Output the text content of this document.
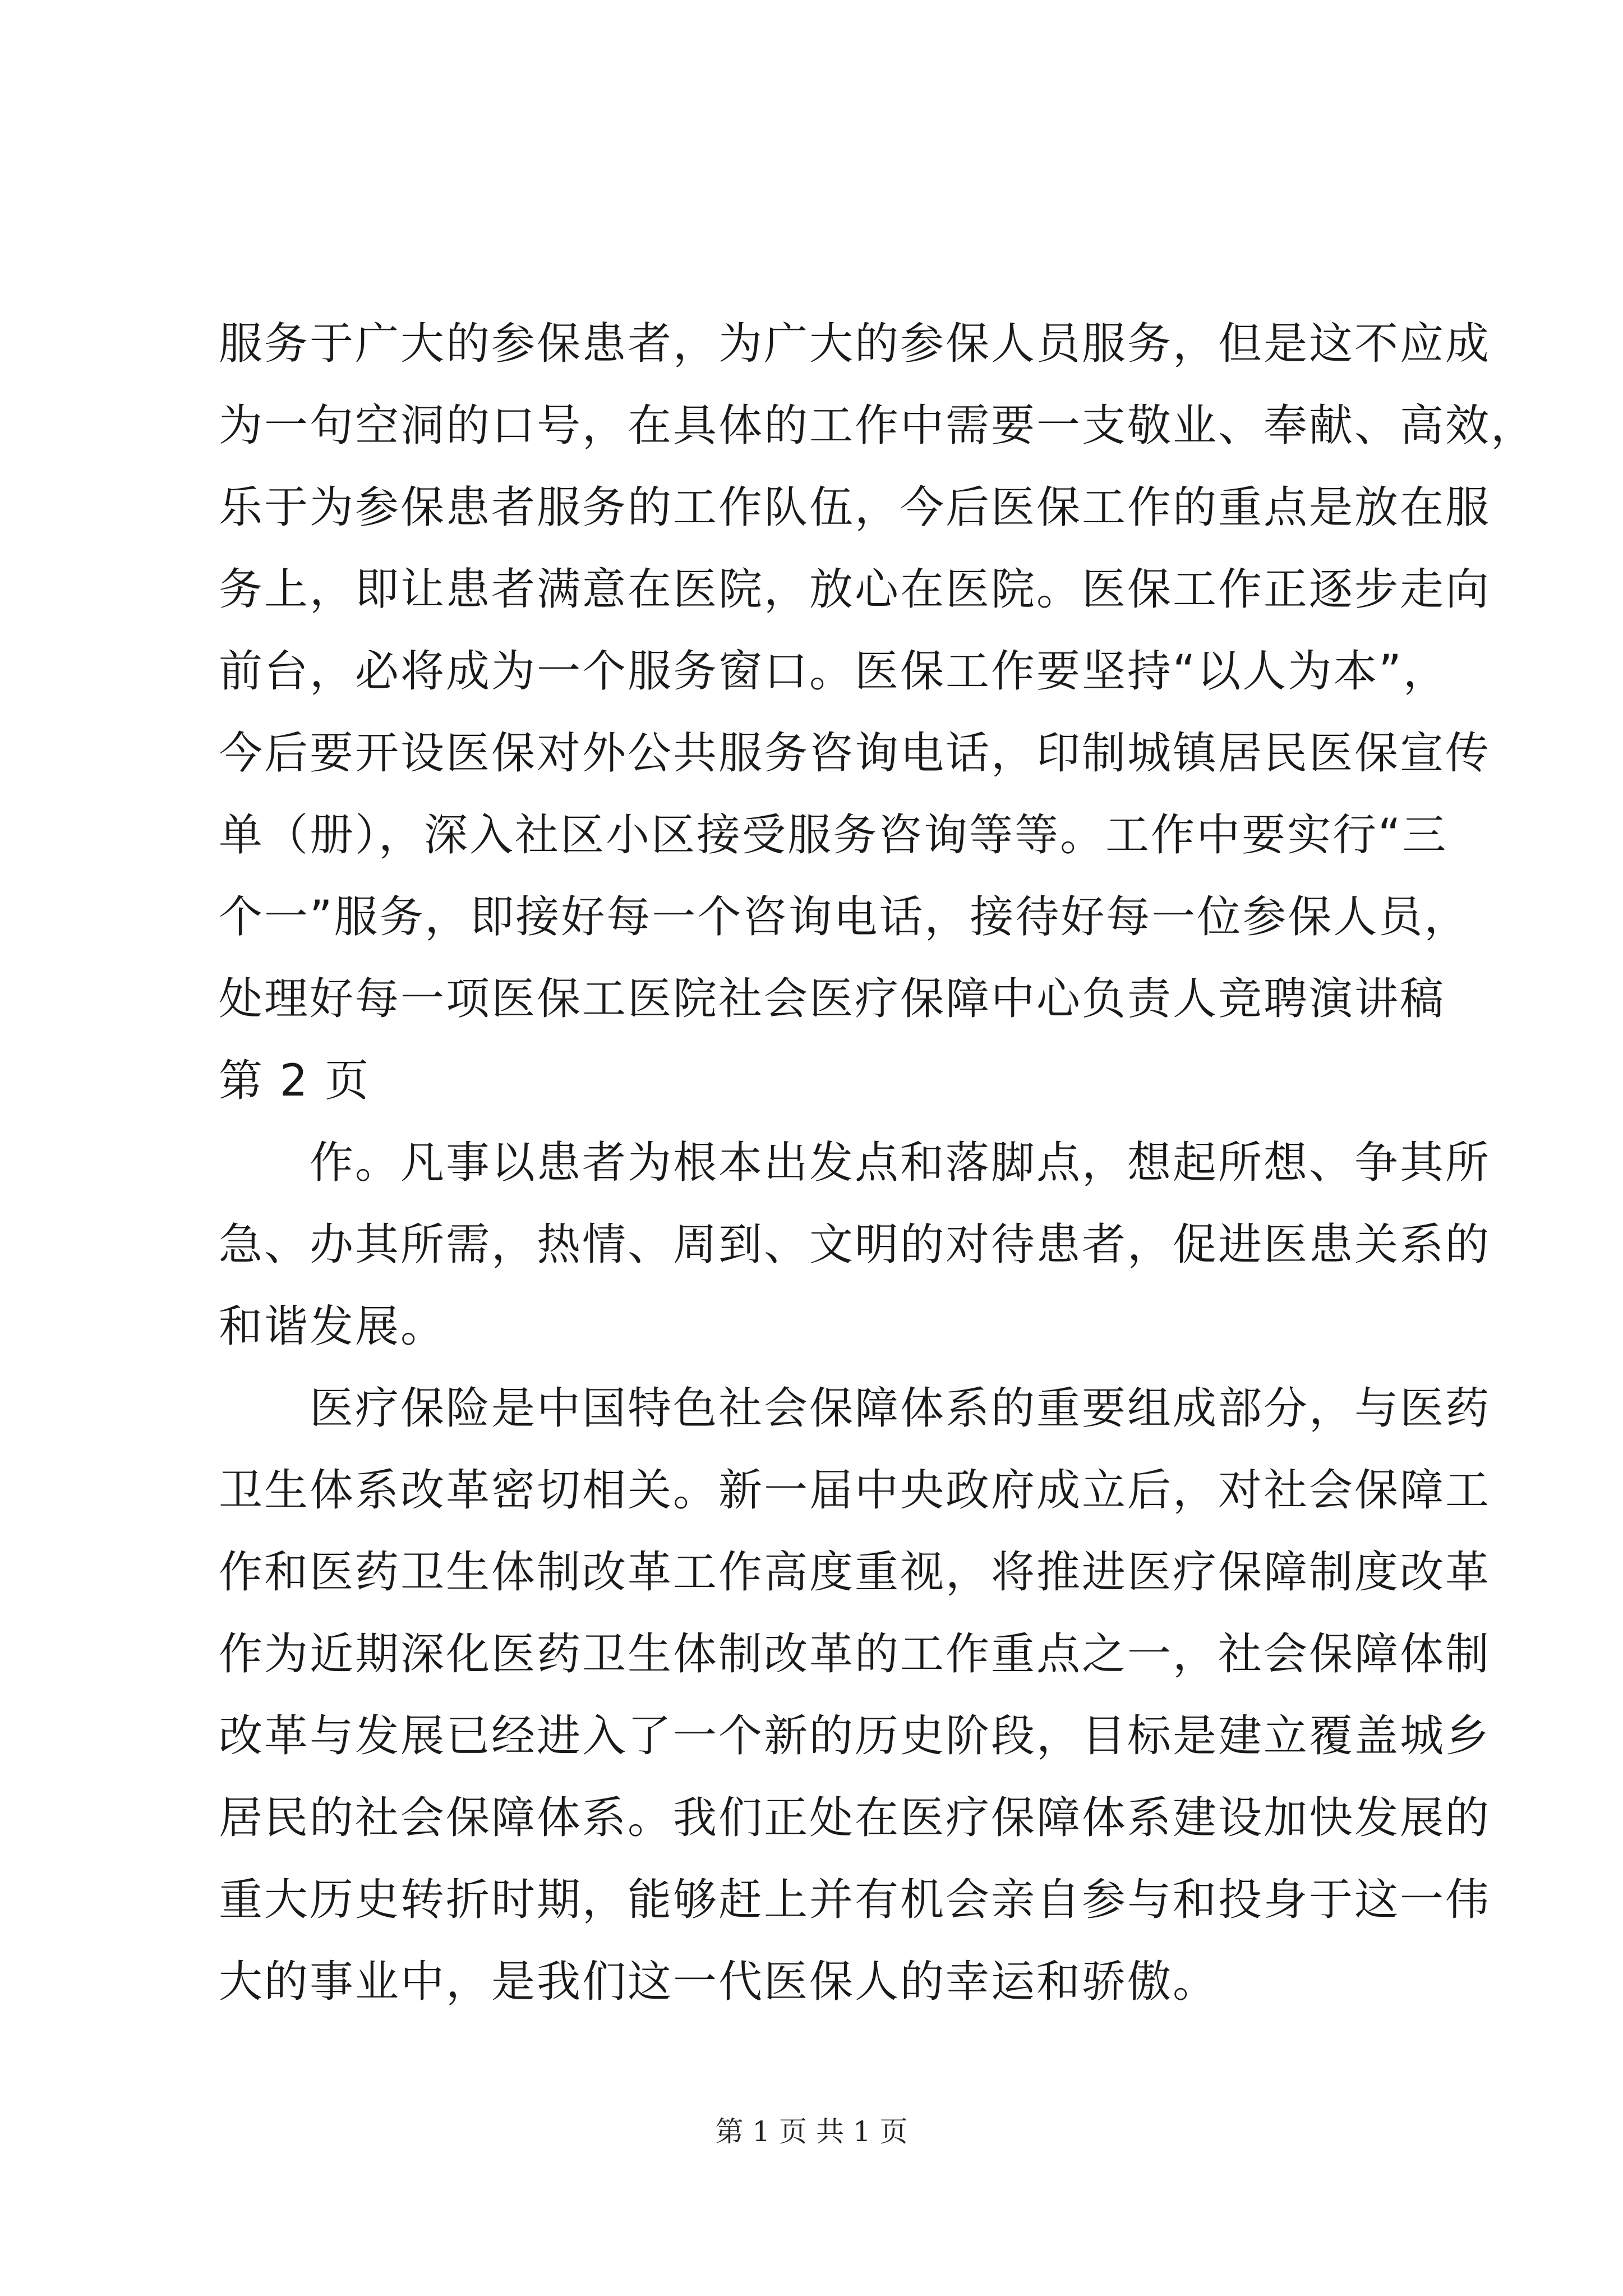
服务于广大的参保患者，为广大的参保人员服务，但是这不应成
为一句空洞的口号，在具体的工作中需要一支敬业、奉献、高效，
乐于为参保患者服务的工作队伍，今后医保工作的重点是放在服
务上，即让患者满意在医院，放心在医院。医保工作正逐步走向
前台，必将成为一个服务窗口。医保工作要坚持“以人为本”，
今后要开设医保对外公共服务咨询电话，印制城镇居民医保宣传
单（册），深入社区小区接受服务咨询等等。工作中要实行“三
个一”服务，即接好每一个咨询电话，接待好每一位参保人员，
处理好每一项医保工医院社会医疗保障中心负责人竞聘演讲稿
第 2 页
　　作。凡事以患者为根本出发点和落脚点，想起所想、争其所
急、办其所需，热情、周到、文明的对待患者，促进医患关系的
和谐发展。
　　医疗保险是中国特色社会保障体系的重要组成部分，与医药
卫生体系改革密切相关。新一届中央政府成立后，对社会保障工
作和医药卫生体制改革工作高度重视，将推进医疗保障制度改革
作为近期深化医药卫生体制改革的工作重点之一，社会保障体制
改革与发展已经进入了一个新的历史阶段，目标是建立覆盖城乡
居民的社会保障体系。我们正处在医疗保障体系建设加快发展的
重大历史转折时期，能够赶上并有机会亲自参与和投身于这一伟
大的事业中，是我们这一代医保人的幸运和骄傲。
第 1 页 共 1 页
